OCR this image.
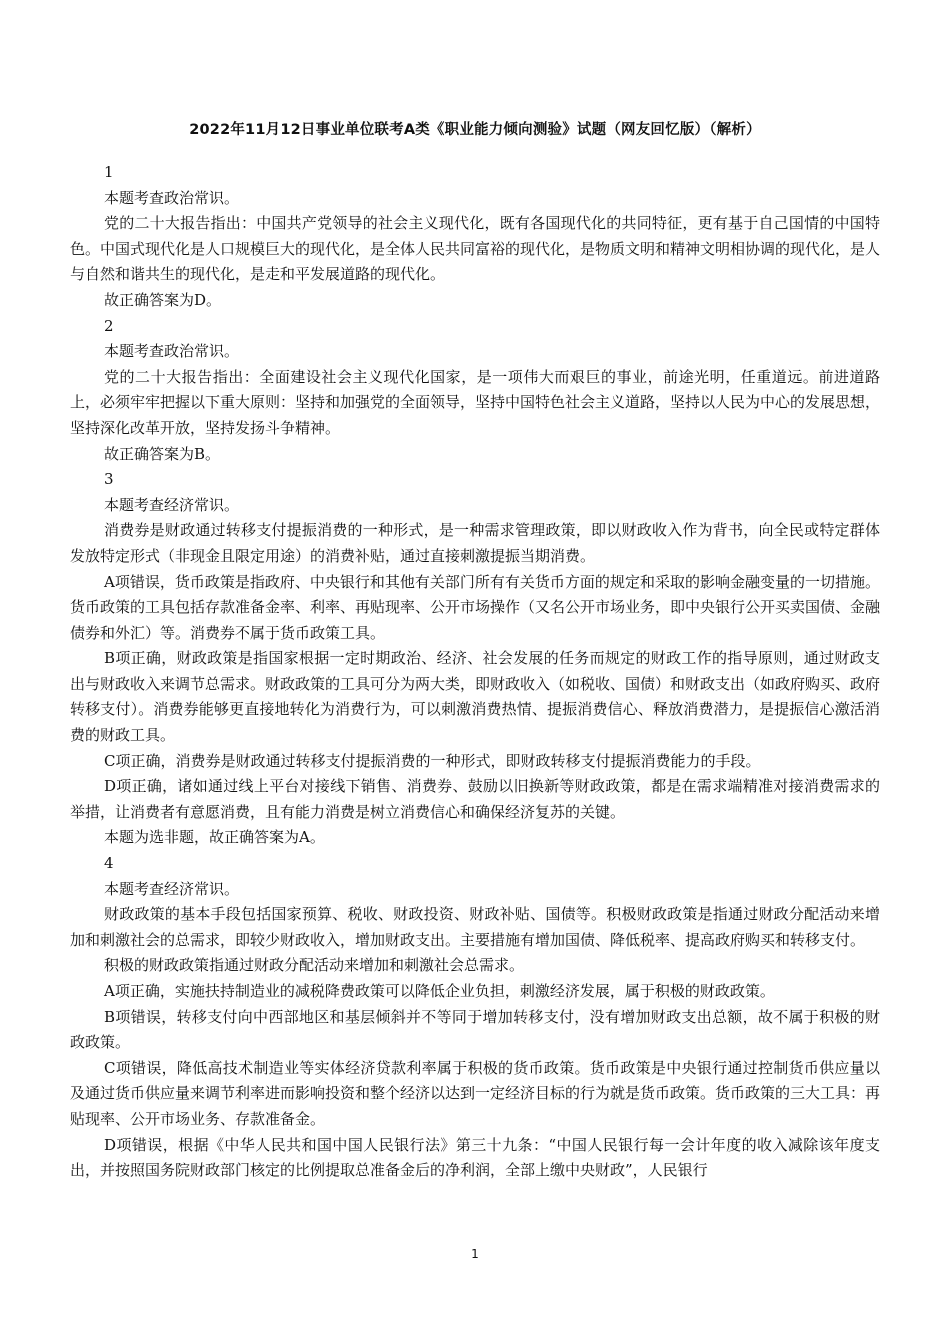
2022年11月12日事业单位联考A类《职业能力倾向测验》试题（网友回忆版）（解析）

1

本题考查政治常识。

党的二十大报告指出：中国共产党领导的社会主义现代化，既有各国现代化的共同特征，更有基于自己国情的中国特色。中国式现代化是人口规模巨大的现代化，是全体人民共同富裕的现代化，是物质文明和精神文明相协调的现代化，是人与自然和谐共生的现代化，是走和平发展道路的现代化。

故正确答案为D。

2

本题考查政治常识。

党的二十大报告指出：全面建设社会主义现代化国家，是一项伟大而艰巨的事业，前途光明，任重道远。前进道路上，必须牢牢把握以下重大原则：坚持和加强党的全面领导，坚持中国特色社会主义道路，坚持以人民为中心的发展思想，坚持深化改革开放，坚持发扬斗争精神。

故正确答案为B。

3

本题考查经济常识。

消费券是财政通过转移支付提振消费的一种形式，是一种需求管理政策，即以财政收入作为背书，向全民或特定群体发放特定形式（非现金且限定用途）的消费补贴，通过直接刺激提振当期消费。

A项错误，货币政策是指政府、中央银行和其他有关部门所有有关货币方面的规定和采取的影响金融变量的一切措施。货币政策的工具包括存款准备金率、利率、再贴现率、公开市场操作（又名公开市场业务，即中央银行公开买卖国债、金融债券和外汇）等。消费券不属于货币政策工具。

B项正确，财政政策是指国家根据一定时期政治、经济、社会发展的任务而规定的财政工作的指导原则，通过财政支出与财政收入来调节总需求。财政政策的工具可分为两大类，即财政收入（如税收、国债）和财政支出（如政府购买、政府转移支付）。消费券能够更直接地转化为消费行为，可以刺激消费热情、提振消费信心、释放消费潜力，是提振信心激活消费的财政工具。

C项正确，消费券是财政通过转移支付提振消费的一种形式，即财政转移支付提振消费能力的手段。

D项正确，诸如通过线上平台对接线下销售、消费券、鼓励以旧换新等财政政策，都是在需求端精准对接消费需求的举措，让消费者有意愿消费，且有能力消费是树立消费信心和确保经济复苏的关键。

本题为选非题，故正确答案为A。

4

本题考查经济常识。

财政政策的基本手段包括国家预算、税收、财政投资、财政补贴、国债等。积极财政政策是指通过财政分配活动来增加和刺激社会的总需求，即较少财政收入，增加财政支出。主要措施有增加国债、降低税率、提高政府购买和转移支付。

积极的财政政策指通过财政分配活动来增加和刺激社会总需求。

A项正确，实施扶持制造业的减税降费政策可以降低企业负担，刺激经济发展，属于积极的财政政策。

B项错误，转移支付向中西部地区和基层倾斜并不等同于增加转移支付，没有增加财政支出总额，故不属于积极的财政政策。

C项错误，降低高技术制造业等实体经济贷款利率属于积极的货币政策。货币政策是中央银行通过控制货币供应量以及通过货币供应量来调节利率进而影响投资和整个经济以达到一定经济目标的行为就是货币政策。货币政策的三大工具：再贴现率、公开市场业务、存款准备金。

D项错误，根据《中华人民共和国中国人民银行法》第三十九条：“中国人民银行每一会计年度的收入减除该年度支出，并按照国务院财政部门核定的比例提取总准备金后的净利润，全部上缴中央财政”，人民银行

1
